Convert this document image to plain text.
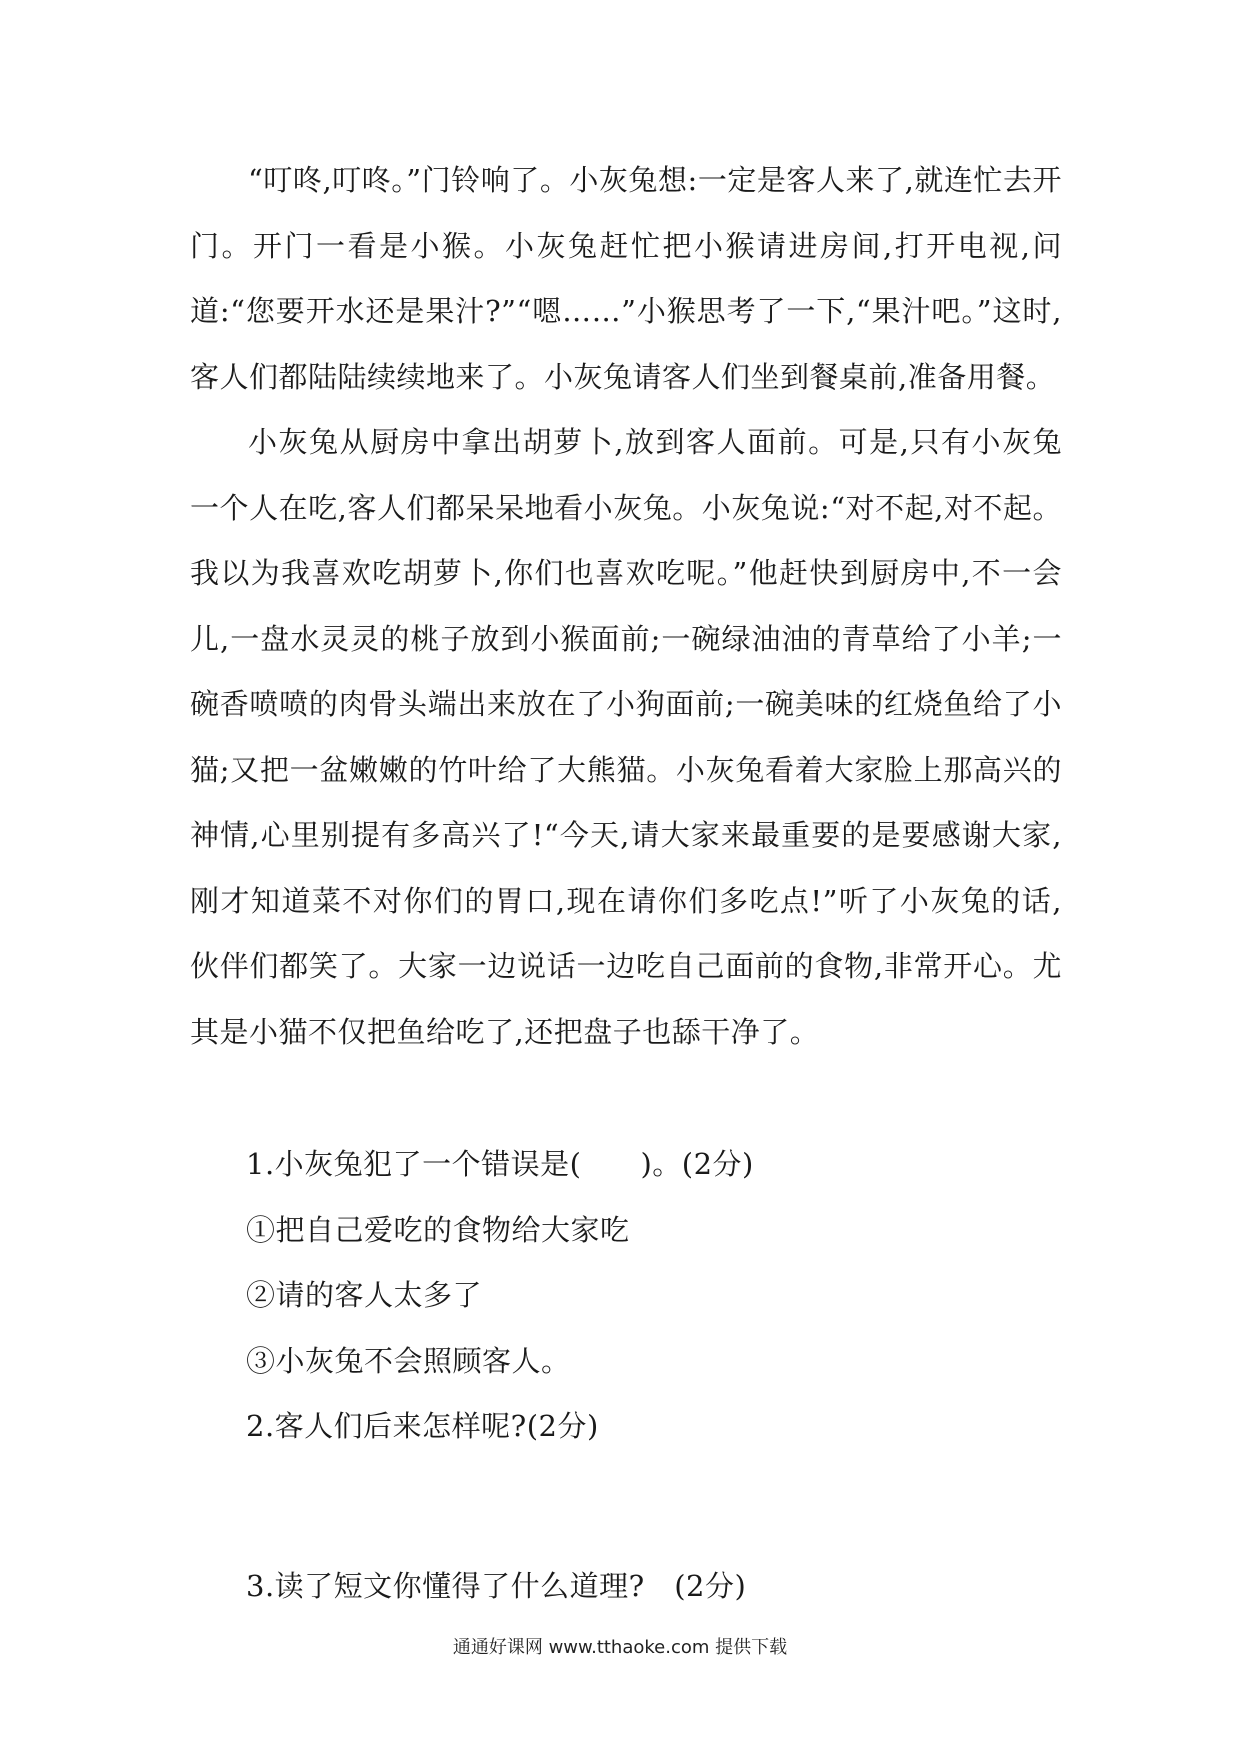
“叮咚,叮咚。”门铃响了。小灰兔想:一定是客人来了,就连忙去开门。开门一看是小猴。小灰兔赶忙把小猴请进房间,打开电视,问道:“您要开水还是果汁?”“嗯……”小猴思考了一下,“果汁吧。”这时,客人们都陆陆续续地来了。小灰兔请客人们坐到餐桌前,准备用餐。

小灰兔从厨房中拿出胡萝卜,放到客人面前。可是,只有小灰兔一个人在吃,客人们都呆呆地看小灰兔。小灰兔说:“对不起,对不起。我以为我喜欢吃胡萝卜,你们也喜欢吃呢。”他赶快到厨房中,不一会儿,一盘水灵灵的桃子放到小猴面前;一碗绿油油的青草给了小羊;一碗香喷喷的肉骨头端出来放在了小狗面前;一碗美味的红烧鱼给了小猫;又把一盆嫩嫩的竹叶给了大熊猫。小灰兔看着大家脸上那高兴的神情,心里别提有多高兴了!“今天,请大家来最重要的是要感谢大家,刚才知道菜不对你们的胃口,现在请你们多吃点!”听了小灰兔的话,伙伴们都笑了。大家一边说话一边吃自己面前的食物,非常开心。尤其是小猫不仅把鱼给吃了,还把盘子也舔干净了。

1.小灰兔犯了一个错误是(　　)。(2分)
①把自己爱吃的食物给大家吃
②请的客人太多了
③小灰兔不会照顾客人。
2.客人们后来怎样呢?(2分)
3.读了短文你懂得了什么道理?　(2分)
通通好课网 www.tthaoke.com 提供下载
